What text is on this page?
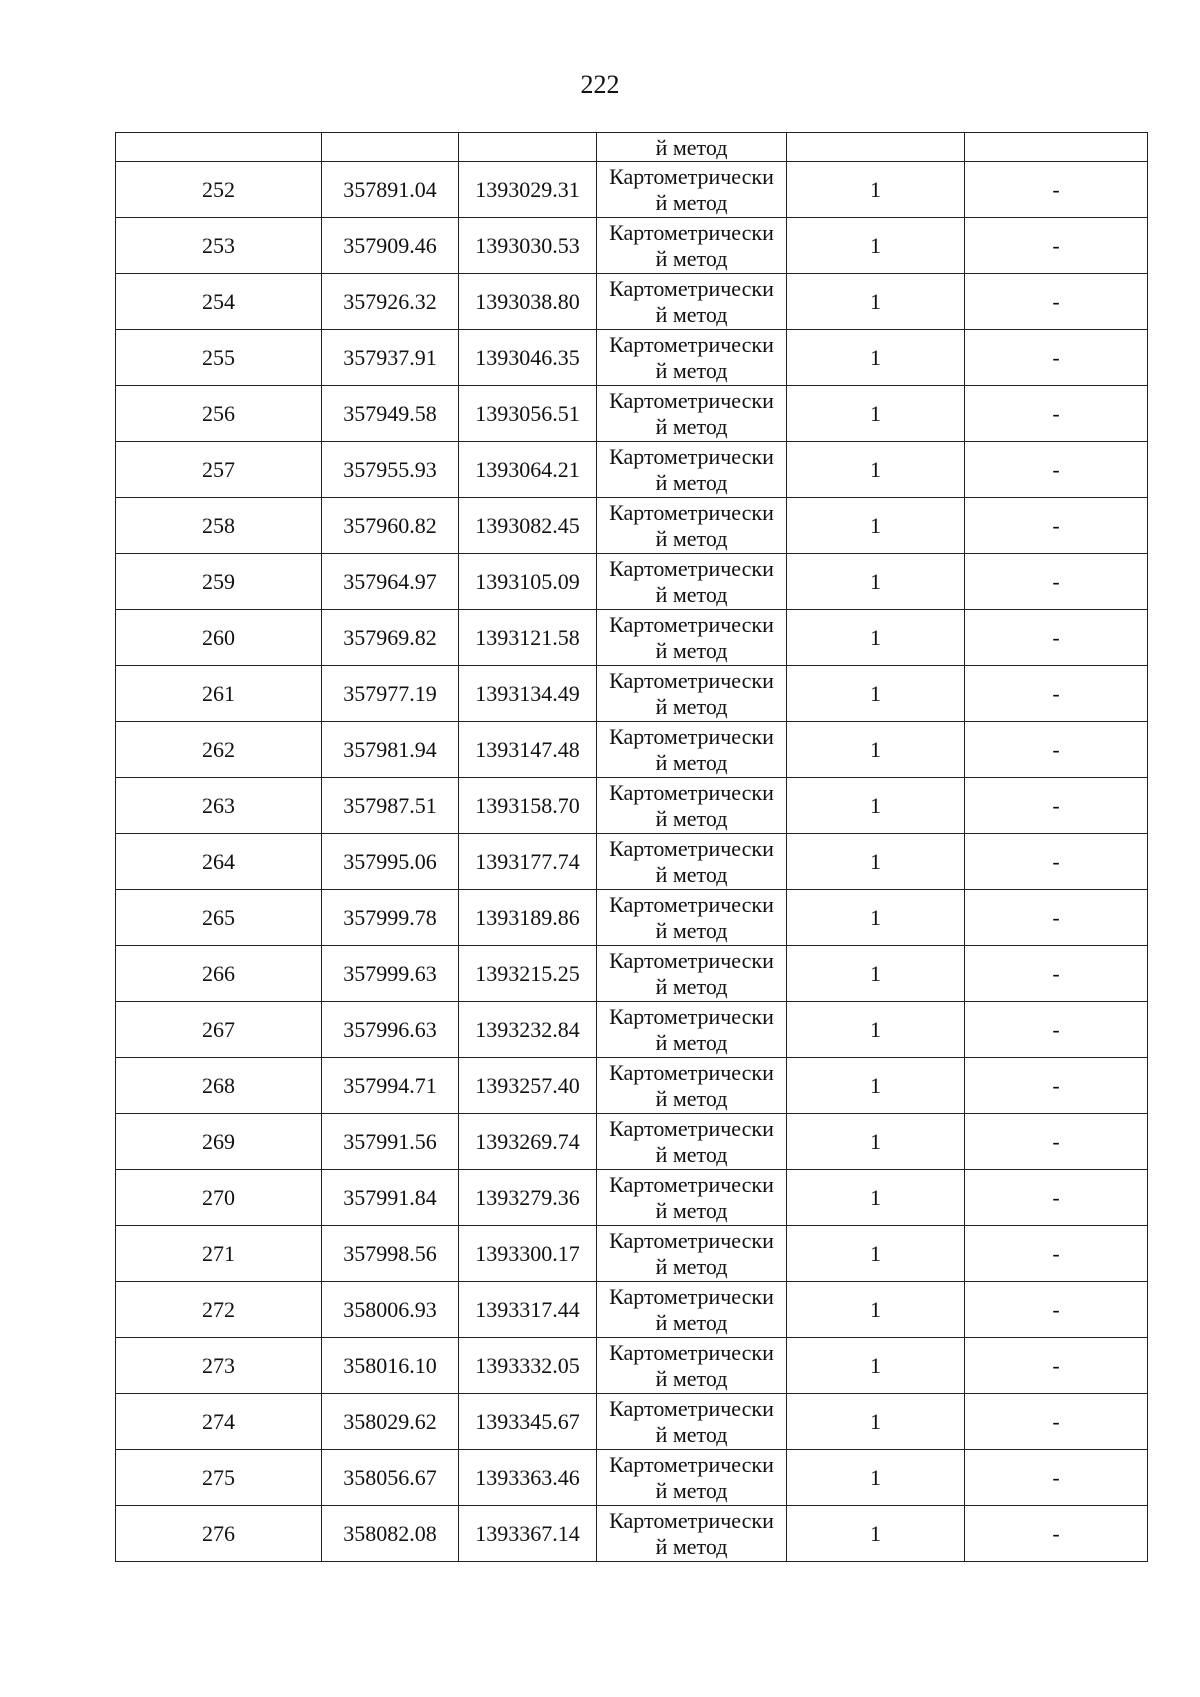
222

			й метод		

252	357891.04	1393029.31	Картометрически
й метод	1	-
253	357909.46	1393030.53	Картометрически
й метод	1	-
254	357926.32	1393038.80	Картометрически
й метод	1	-
255	357937.91	1393046.35	Картометрически
й метод	1	-
256	357949.58	1393056.51	Картометрически
й метод	1	-
257	357955.93	1393064.21	Картометрически
й метод	1	-
258	357960.82	1393082.45	Картометрически
й метод	1	-
259	357964.97	1393105.09	Картометрически
й метод	1	-
260	357969.82	1393121.58	Картометрически
й метод	1	-
261	357977.19	1393134.49	Картометрически
й метод	1	-
262	357981.94	1393147.48	Картометрически
й метод	1	-
263	357987.51	1393158.70	Картометрически
й метод	1	-
264	357995.06	1393177.74	Картометрически
й метод	1	-
265	357999.78	1393189.86	Картометрически
й метод	1	-
266	357999.63	1393215.25	Картометрически
й метод	1	-
267	357996.63	1393232.84	Картометрически
й метод	1	-
268	357994.71	1393257.40	Картометрически
й метод	1	-
269	357991.56	1393269.74	Картометрически
й метод	1	-
270	357991.84	1393279.36	Картометрически
й метод	1	-
271	357998.56	1393300.17	Картометрически
й метод	1	-
272	358006.93	1393317.44	Картометрически
й метод	1	-
273	358016.10	1393332.05	Картометрически
й метод	1	-
274	358029.62	1393345.67	Картометрически
й метод	1	-
275	358056.67	1393363.46	Картометрически
й метод	1	-
276	358082.08	1393367.14	Картометрически
й метод	1	-
